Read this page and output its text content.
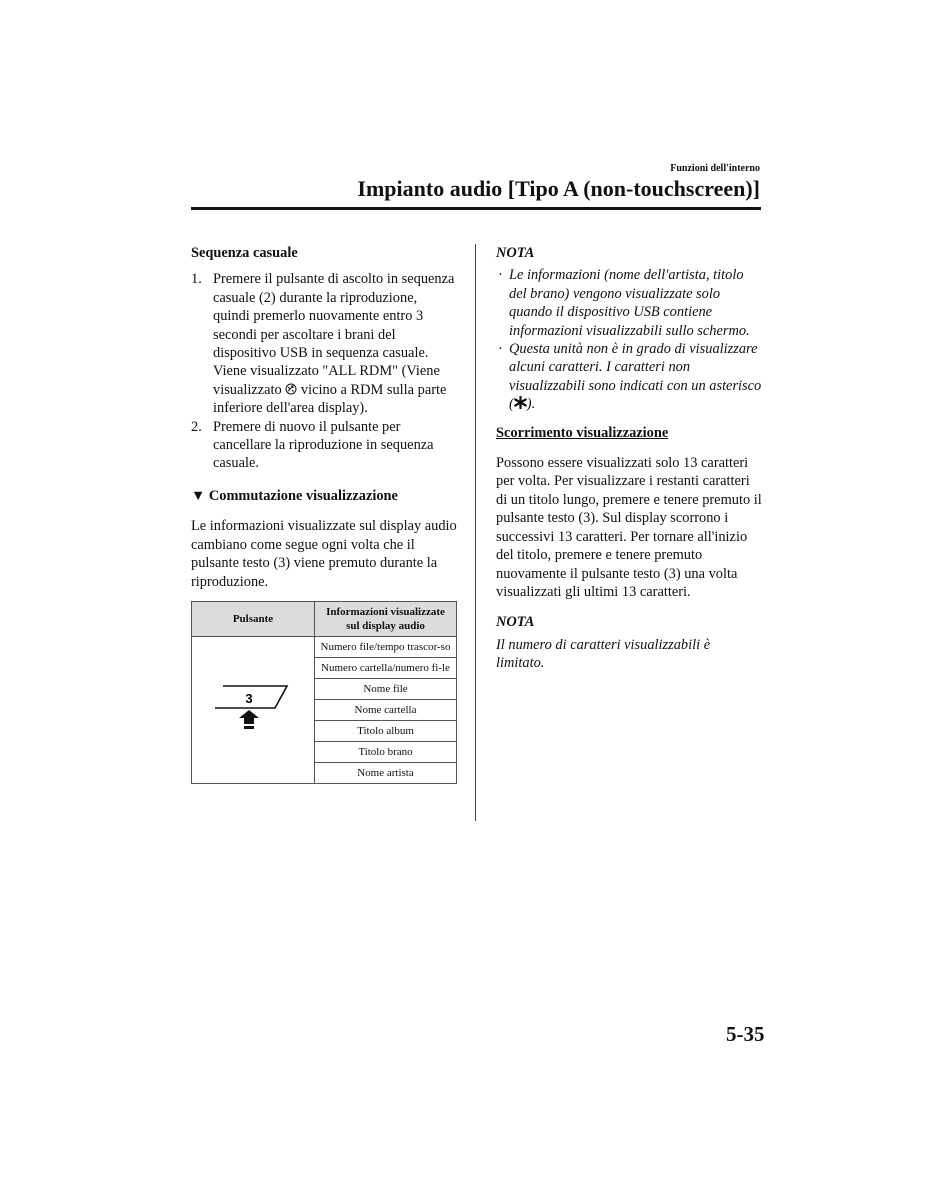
Funzioni dell'interno
Impianto audio [Tipo A (non-touchscreen)]

Sequenza casuale

1. Premere il pulsante di ascolto in sequenza casuale (2) durante la riproduzione, quindi premerlo nuovamente entro 3 secondi per ascoltare i brani del dispositivo USB in sequenza casuale. Viene visualizzato "ALL RDM" (Viene visualizzato  vicino a RDM sulla parte inferiore dell'area display).
2. Premere di nuovo il pulsante per cancellare la riproduzione in sequenza casuale.

▼ Commutazione visualizzazione

Le informazioni visualizzate sul display audio cambiano come segue ogni volta che il pulsante testo (3) viene premuto durante la riproduzione.

Pulsante	Informazioni visualizzate sul display audio

3	Numero file/tempo trascor-so
	Numero cartella/numero fi-le
	Nome file
	Nome cartella
	Titolo album
	Titolo brano
	Nome artista

NOTA

· Le informazioni (nome dell'artista, titolo del brano) vengono visualizzate solo quando il dispositivo USB contiene informazioni visualizzabili sullo schermo.
· Questa unità non è in grado di visualizzare alcuni caratteri. I caratteri non visualizzabili sono indicati con un asterisco ( ).

Scorrimento visualizzazione

Possono essere visualizzati solo 13 caratteri per volta. Per visualizzare i restanti caratteri di un titolo lungo, premere e tenere premuto il pulsante testo (3). Sul display scorrono i successivi 13 caratteri. Per tornare all'inizio del titolo, premere e tenere premuto nuovamente il pulsante testo (3) una volta visualizzati gli ultimi 13 caratteri.

NOTA

Il numero di caratteri visualizzabili è limitato.

5-35
